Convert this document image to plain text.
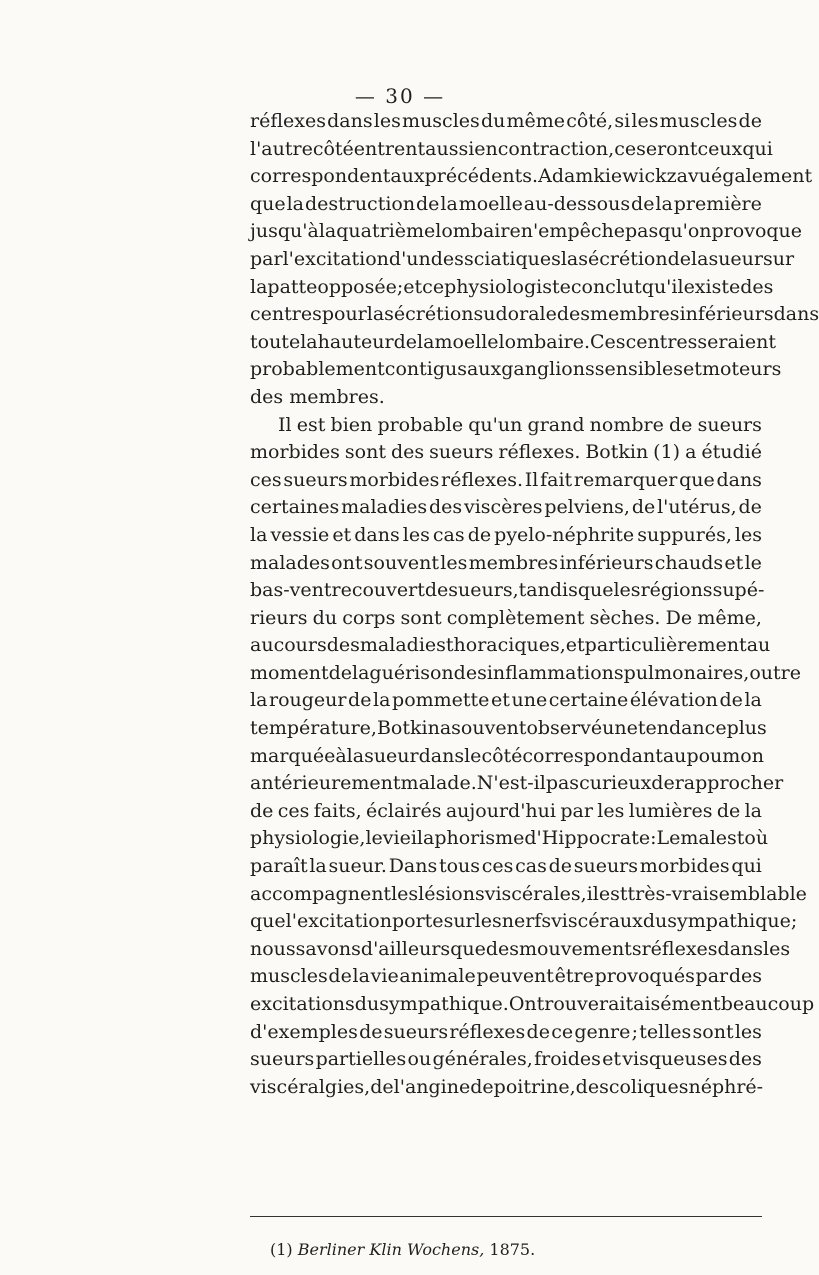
— 30 —
réflexes dans les muscles du même côté, si les muscles de
l'autre côté entrent aussi en contraction, ce seront ceux qui
correspondent aux précédents. Adamkiewickz a vu également
que la destruction de la moelle au-dessous de la première
jusqu'à la quatrième lombaire n'empêche pas qu'on provoque
par l'excitation d'un des sciatiques la sécrétion de la sueur sur
la patte opposée ; et ce physiologiste conclut qu'il existe des
centres pour la sécrétion sudorale des membres inférieurs dans
toute la hauteur de la moelle lombaire. Ces centres seraient
probablement contigus aux ganglions sensibles et moteurs
des membres.
Il est bien probable qu'un grand nombre de sueurs
morbides sont des sueurs réflexes. Botkin (1) a étudié
ces sueurs morbides réflexes. Il fait remarquer que dans
certaines maladies des viscères pelviens, de l'utérus, de
la vessie et dans les cas de pyelo-néphrite suppurés, les
malades ont souvent les membres inférieurs chauds et le
bas-ventre couvert de sueurs, tandis que les régions supé-
rieurs du corps sont complètement sèches. De même,
au cours des maladies thoraciques, et particulièrement au
moment de la guérison des inflammations pulmonaires, outre
la rougeur de la pommette et une certaine élévation de la
température, Botkin a souvent observé une tendance plus
marquée à la sueur dans le côté correspondant au poumon
antérieurement malade. N'est-il pas curieux de rapprocher
de ces faits, éclairés aujourd'hui par les lumières de la
physiologie, le vieil aphorisme d'Hippocrate : Le mal est où
paraît la sueur. Dans tous ces cas de sueurs morbides qui
accompagnent les lésions viscérales, il est très-vraisemblable
que l'excitation porte sur les nerfs viscéraux du sympathique;
nous savons d'ailleurs que des mouvements réflexes dans les
muscles de la vie animale peuvent être provoqués par des
excitations du sympathique. On trouverait aisément beaucoup
d'exemples de sueurs réflexes de ce genre ; telles sont les
sueurs partielles ou générales, froides et visqueuses des
viscéralgies, de l'angine de poitrine, des coliques néphré-
(1) Berliner Klin Wochens, 1875.
